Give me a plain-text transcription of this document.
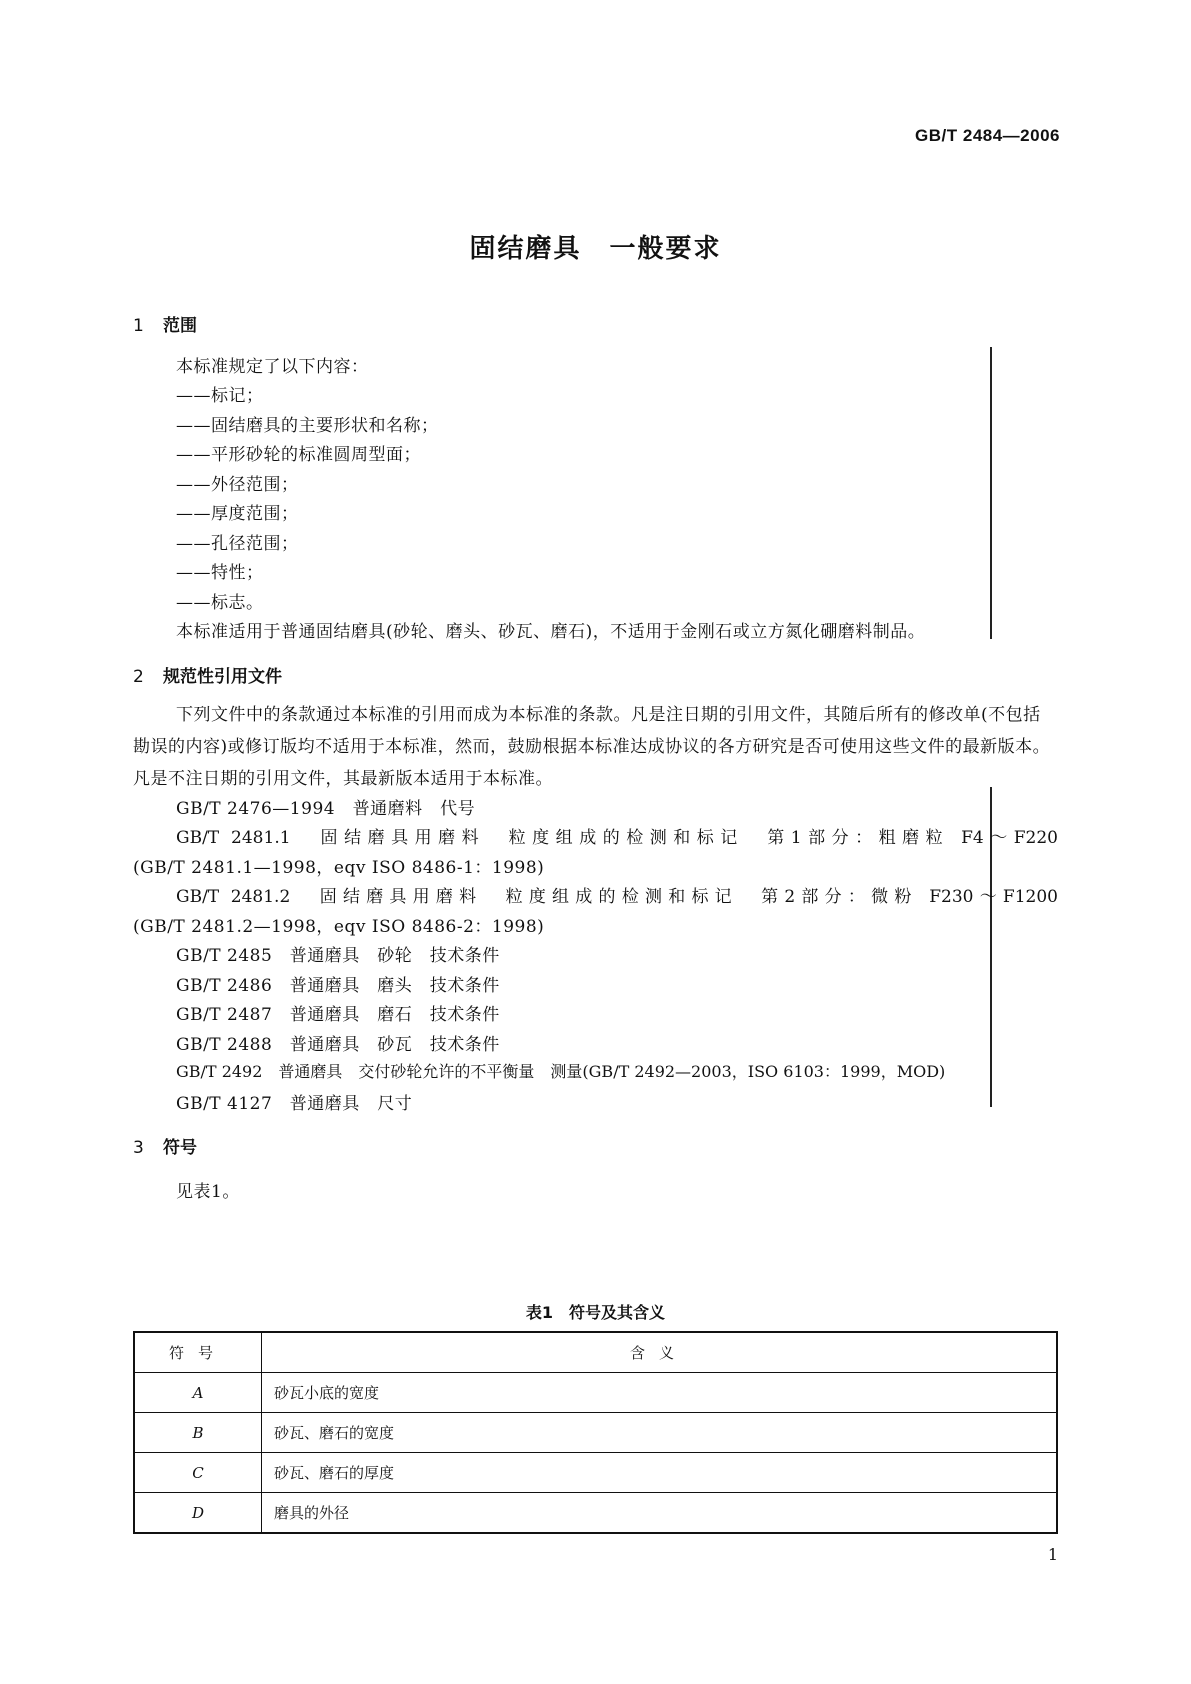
GB/T 2484—2006
固结磨具　一般要求
1 范围
本标准规定了以下内容：
——标记；
——固结磨具的主要形状和名称；
——平形砂轮的标准圆周型面；
——外径范围；
——厚度范围；
——孔径范围；
——特性；
——标志。
本标准适用于普通固结磨具(砂轮、磨头、砂瓦、磨石)，不适用于金刚石或立方氮化硼磨料制品。
2 规范性引用文件
下列文件中的条款通过本标准的引用而成为本标准的条款。凡是注日期的引用文件，其随后所有的修改单(不包括勘误的内容)或修订版均不适用于本标准，然而，鼓励根据本标准达成协议的各方研究是否可使用这些文件的最新版本。凡是不注日期的引用文件，其最新版本适用于本标准。
GB/T 2476—1994　普通磨料　代号
GB/T 2481.1　固结磨具用磨料　粒度组成的检测和标记　第1部分：粗磨粒 F4～F220
(GB/T 2481.1—1998，eqv ISO 8486-1：1998)
GB/T 2481.2　固结磨具用磨料　粒度组成的检测和标记　第2部分：微粉 F230～F1200
(GB/T 2481.2—1998，eqv ISO 8486-2：1998)
GB/T 2485　普通磨具　砂轮　技术条件
GB/T 2486　普通磨具　磨头　技术条件
GB/T 2487　普通磨具　磨石　技术条件
GB/T 2488　普通磨具　砂瓦　技术条件
GB/T 2492　普通磨具　交付砂轮允许的不平衡量　测量(GB/T 2492—2003，ISO 6103：1999，MOD)
GB/T 4127　普通磨具　尺寸
3 符号
见表1。
表1　符号及其含义
符号	含义
A	砂瓦小底的宽度
B	砂瓦、磨石的宽度
C	砂瓦、磨石的厚度
D	磨具的外径
1
